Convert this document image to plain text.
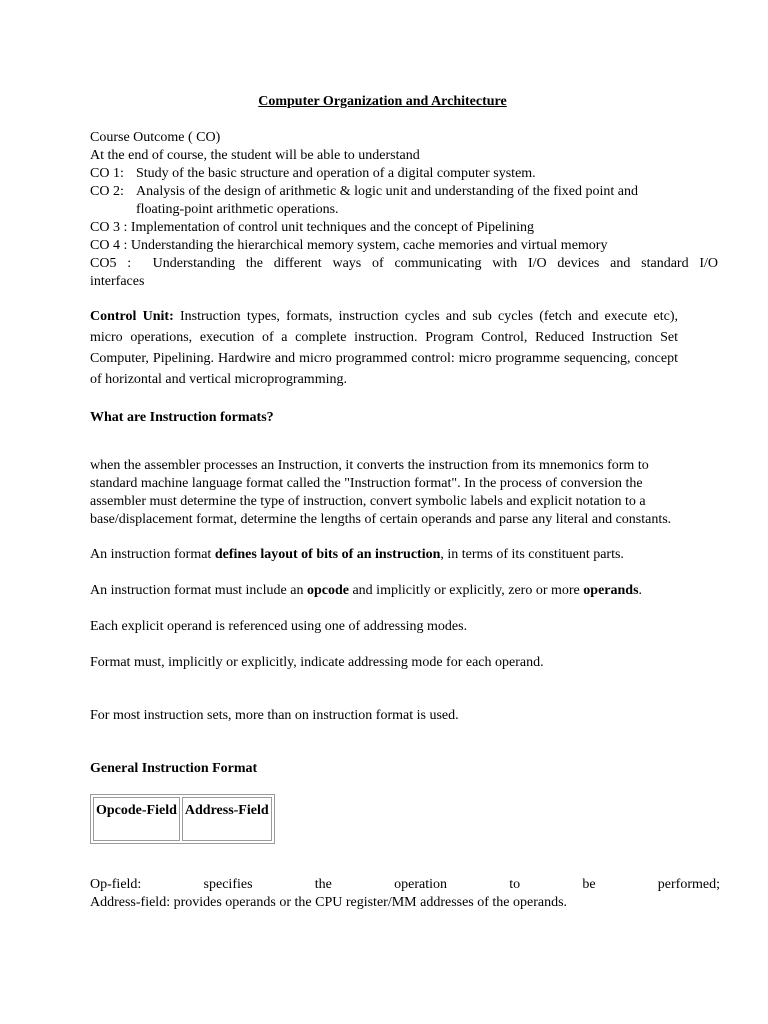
Computer Organization and Architecture
Course Outcome ( CO)
At the end of course, the student will be able to understand
CO 1: Study of the basic structure and operation of a digital computer system.
CO 2: Analysis of the design of arithmetic & logic unit and understanding of the fixed point and
floating-point arithmetic operations.
CO 3 :
Implementation of control unit techniques and the concept of Pipelining
CO 4 :
Understanding the hierarchical memory system, cache memories and virtual memory
CO5 : Understanding the different ways of communicating with I/O devices and standard I/O
interfaces
Control Unit: Instruction types, formats, instruction cycles and sub cycles (fetch and execute etc), micro operations, execution of a complete instruction. Program Control, Reduced Instruction Set Computer, Pipelining. Hardwire and micro programmed control: micro programme sequencing, concept of horizontal and vertical microprogramming.
What are Instruction formats?
when the assembler processes an Instruction, it converts the instruction from its mnemonics form to
standard machine language format called the "Instruction format". In the process of conversion the
assembler must determine the type of instruction, convert symbolic labels and explicit notation to a
base/displacement format, determine the lengths of certain operands and parse any literal and constants.
An instruction format defines layout of bits of an instruction, in terms of its constituent parts.
An instruction format must include an opcode and implicitly or explicitly, zero or more operands.
Each explicit operand is referenced using one of addressing modes.
Format must, implicitly or explicitly, indicate addressing mode for each operand.
For most instruction sets, more than on instruction format is used.
General Instruction Format
Opcode-Field	Address-Field
Op-field: specifies the operation to be performed;
Address-field: provides operands or the CPU register/MM addresses of the operands.
